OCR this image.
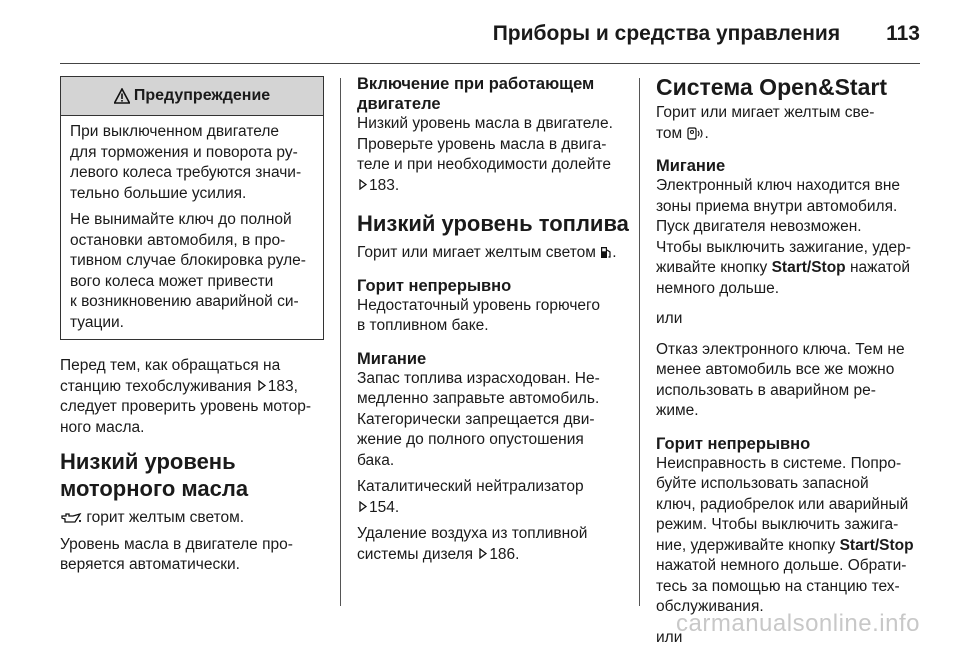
Приборы и средства управления 113
Предупреждение

При выключенном двигателе
для торможения и поворота ру-
левого колеса требуются значи-
тельно большие усилия.

Не вынимайте ключ до полной
остановки автомобиля, в про-
тивном случае блокировка руле-
вого колеса может привести
к возникновению аварийной си-
туации.

Перед тем, как обращаться на
станцию техобслуживания 183,
следует проверить уровень мотор-
ного масла.

Низкий уровень
моторного масла

горит желтым светом.

Уровень масла в двигателе про-
веряется автоматически.

Включение при работающем
двигателе

Низкий уровень масла в двигателе.
Проверьте уровень масла в двига-
теле и при необходимости долейте
183.

Низкий уровень топлива

Горит или мигает желтым светом .

Горит непрерывно

Недостаточный уровень горючего
в топливном баке.

Мигание

Запас топлива израсходован. Не-
медленно заправьте автомобиль.
Категорически запрещается дви-
жение до полного опустошения
бака.

Каталитический нейтрализатор
154.

Удаление воздуха из топливной
системы дизеля 186.

Система Open&Start

Горит или мигает желтым све-
том .

Мигание

Электронный ключ находится вне
зоны приема внутри автомобиля.
Пуск двигателя невозможен.
Чтобы выключить зажигание, удер-
живайте кнопку Start/Stop нажатой
немного дольше.

или

Отказ электронного ключа. Тем не
менее автомобиль все же можно
использовать в аварийном ре-
жиме.

Горит непрерывно

Неисправность в системе. Попро-
буйте использовать запасной
ключ, радиобрелок или аварийный
режим. Чтобы выключить зажига-
ние, удерживайте кнопку Start/Stop
нажатой немного дольше. Обрати-
тесь за помощью на станцию тех-
обслуживания.

или

carmanualsonline.info
